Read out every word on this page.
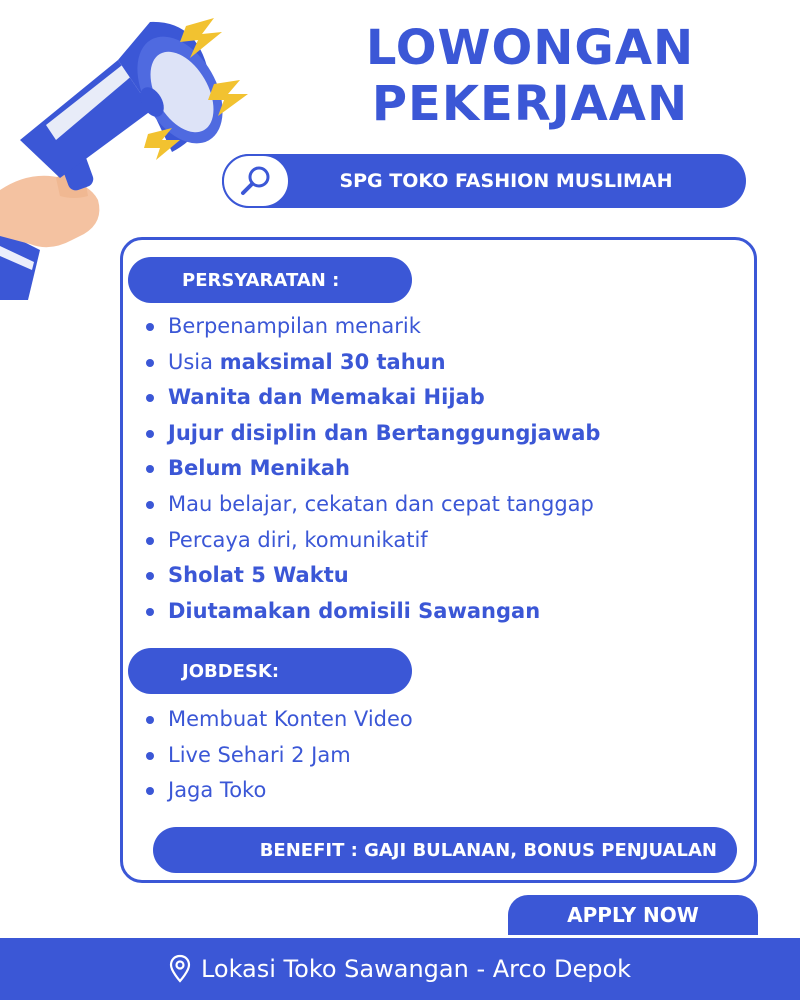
LOWONGAN
PEKERJAAN
SPG TOKO FASHION MUSLIMAH
PERSYARATAN :
Berpenampilan menarik
Usia maksimal 30 tahun
Wanita dan Memakai Hijab
Jujur disiplin dan Bertanggungjawab
Belum Menikah
Mau belajar, cekatan dan cepat tanggap
Percaya diri, komunikatif
Sholat 5 Waktu
Diutamakan domisili Sawangan
JOBDESK:
Membuat Konten Video
Live Sehari 2 Jam
Jaga Toko
BENEFIT : GAJI BULANAN, BONUS PENJUALAN
APPLY NOW
Lokasi Toko Sawangan - Arco Depok
